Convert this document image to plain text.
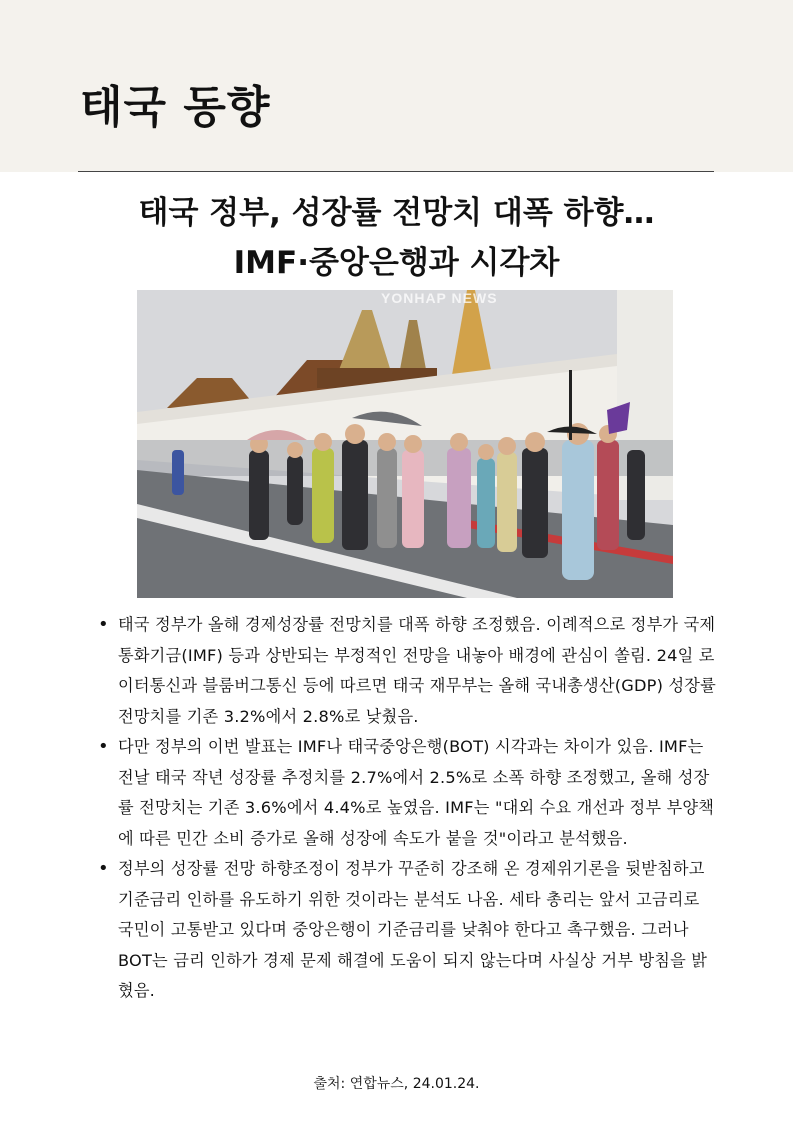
태국 동향
태국 정부, 성장률 전망치 대폭 하향…
IMF·중앙은행과 시각차
YONHAP NEWS
• 태국 정부가 올해 경제성장률 전망치를 대폭 하향 조정했음. 이례적으로 정부가 국제통화기금(IMF) 등과 상반되는 부정적인 전망을 내놓아 배경에 관심이 쏠림. 24일 로이터통신과 블룸버그통신 등에 따르면 태국 재무부는 올해 국내총생산(GDP) 성장률 전망치를 기존 3.2%에서 2.8%로 낮췄음.
• 다만 정부의 이번 발표는 IMF나 태국중앙은행(BOT) 시각과는 차이가 있음. IMF는 전날 태국 작년 성장률 추정치를 2.7%에서 2.5%로 소폭 하향 조정했고, 올해 성장률 전망치는 기존 3.6%에서 4.4%로 높였음. IMF는 "대외 수요 개선과 정부 부양책에 따른 민간 소비 증가로 올해 성장에 속도가 붙을 것"이라고 분석했음.
• 정부의 성장률 전망 하향조정이 정부가 꾸준히 강조해 온 경제위기론을 뒷받침하고 기준금리 인하를 유도하기 위한 것이라는 분석도 나옴. 세타 총리는 앞서 고금리로 국민이 고통받고 있다며 중앙은행이 기준금리를 낮춰야 한다고 촉구했음. 그러나 BOT는 금리 인하가 경제 문제 해결에 도움이 되지 않는다며 사실상 거부 방침을 밝혔음.

출처: 연합뉴스, 24.01.24.
